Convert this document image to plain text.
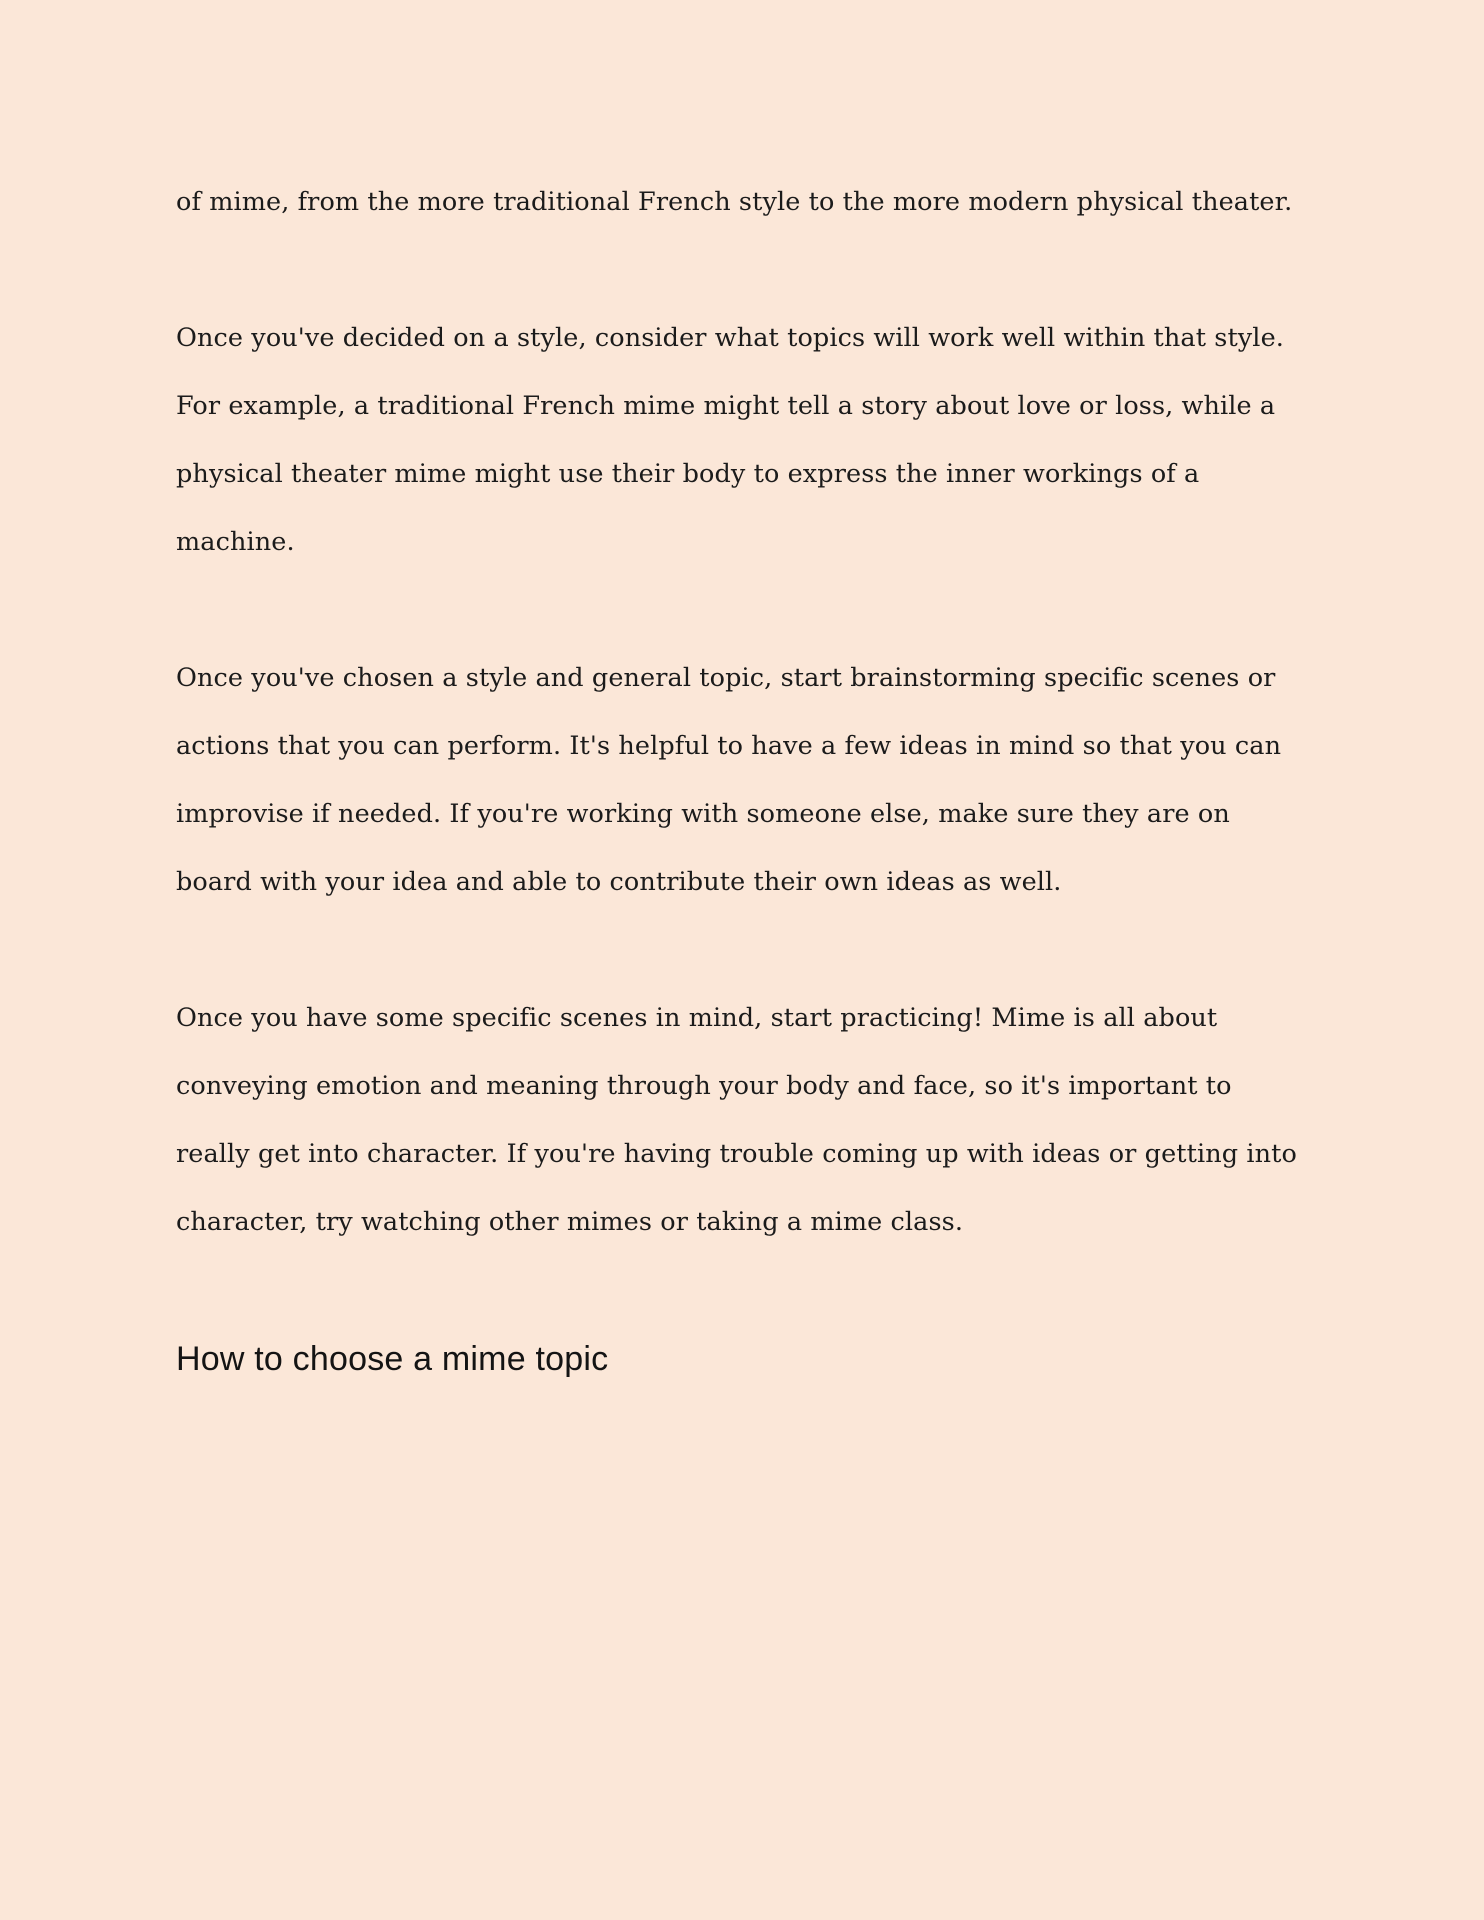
of mime, from the more traditional French style to the more modern physical theater.

Once you've decided on a style, consider what topics will work well within that style. For example, a traditional French mime might tell a story about love or loss, while a physical theater mime might use their body to express the inner workings of a machine.

Once you've chosen a style and general topic, start brainstorming specific scenes or actions that you can perform. It's helpful to have a few ideas in mind so that you can improvise if needed. If you're working with someone else, make sure they are on board with your idea and able to contribute their own ideas as well.

Once you have some specific scenes in mind, start practicing! Mime is all about conveying emotion and meaning through your body and face, so it's important to really get into character. If you're having trouble coming up with ideas or getting into character, try watching other mimes or taking a mime class.

How to choose a mime topic
